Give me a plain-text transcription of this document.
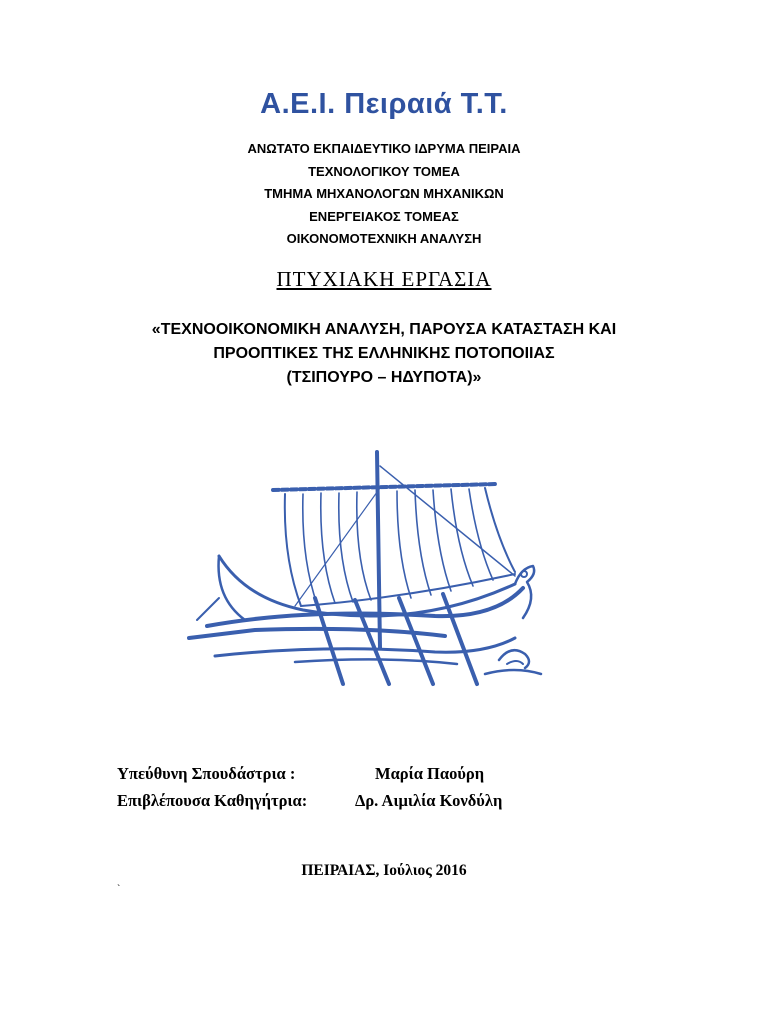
Α.Ε.Ι. Πειραιά Τ.Τ.
ΑΝΩΤΑΤΟ ΕΚΠΑΙΔΕΥΤΙΚΟ ΙΔΡΥΜΑ ΠΕΙΡΑΙΑ
ΤΕΧΝΟΛΟΓΙΚΟΥ ΤΟΜΕΑ
ΤΜΗΜΑ ΜΗΧΑΝΟΛΟΓΩΝ ΜΗΧΑΝΙΚΩΝ
ΕΝΕΡΓΕΙΑΚΟΣ ΤΟΜΕΑΣ
ΟΙΚΟΝΟΜΟΤΕΧΝΙΚΗ ΑΝΑΛΥΣΗ
ΠΤΥΧΙΑΚΗ ΕΡΓΑΣΙΑ
«ΤΕΧΝΟΟΙΚΟΝΟΜΙΚΗ ΑΝΑΛΥΣΗ, ΠΑΡΟΥΣΑ ΚΑΤΑΣΤΑΣΗ ΚΑΙ
ΠΡΟΟΠΤΙΚΕΣ ΤΗΣ ΕΛΛΗΝΙΚΗΣ ΠΟΤΟΠΟΙΙΑΣ
(ΤΣΙΠΟΥΡΟ – ΗΔΥΠΟΤΑ)»
Υπεύθυνη Σπουδάστρια :	Μαρία Παούρη
Επιβλέπουσα Καθηγήτρια:	Δρ. Αιμιλία Κονδύλη
ΠΕΙΡΑΙΑΣ, Ιούλιος 2016
`
